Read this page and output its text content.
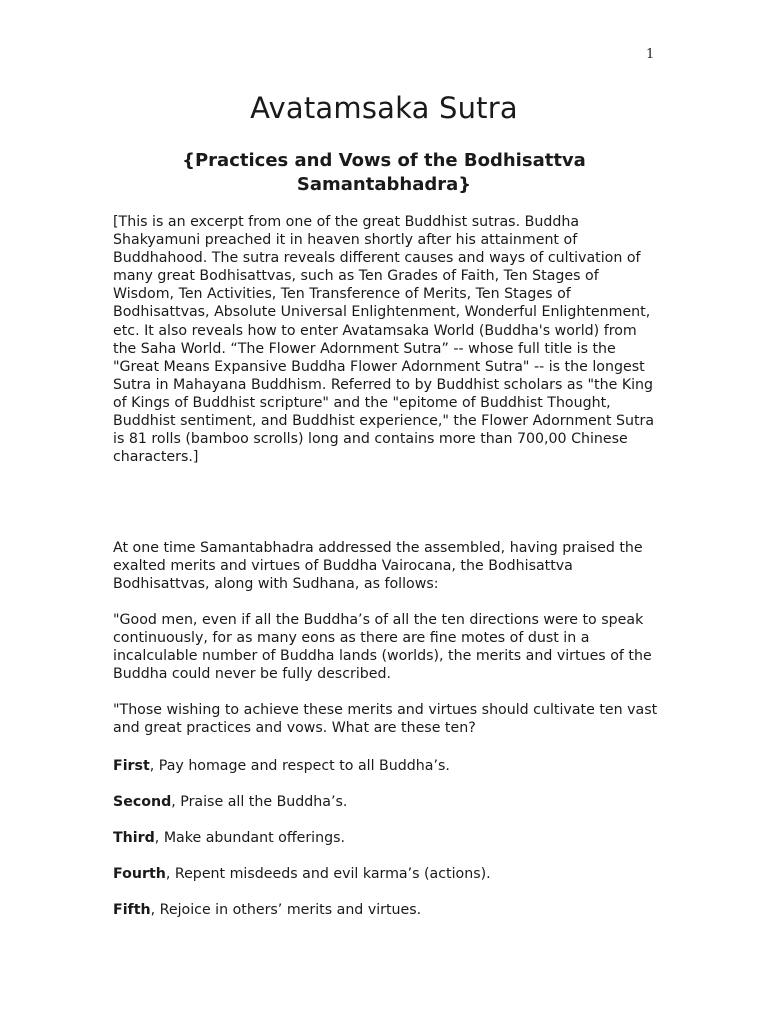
1
Avatamsaka Sutra
{Practices and Vows of the Bodhisattva Samantabhadra}

[This is an excerpt from one of the great Buddhist sutras. Buddha Shakyamuni preached it in heaven shortly after his attainment of Buddhahood. The sutra reveals different causes and ways of cultivation of many great Bodhisattvas, such as Ten Grades of Faith, Ten Stages of Wisdom, Ten Activities, Ten Transference of Merits, Ten Stages of Bodhisattvas, Absolute Universal Enlightenment, Wonderful Enlightenment, etc. It also reveals how to enter Avatamsaka World (Buddha's world) from the Saha World. “The Flower Adornment Sutra” -- whose full title is the "Great Means Expansive Buddha Flower Adornment Sutra" -- is the longest Sutra in Mahayana Buddhism. Referred to by Buddhist scholars as "the King of Kings of Buddhist scripture" and the "epitome of Buddhist Thought, Buddhist sentiment, and Buddhist experience," the Flower Adornment Sutra is 81 rolls (bamboo scrolls) long and contains more than 700,00 Chinese characters.]

At one time Samantabhadra addressed the assembled, having praised the exalted merits and virtues of Buddha Vairocana, the Bodhisattva Bodhisattvas, along with Sudhana, as follows:

"Good men, even if all the Buddha’s of all the ten directions were to speak continuously, for as many eons as there are fine motes of dust in a incalculable number of Buddha lands (worlds), the merits and virtues of the Buddha could never be fully described.

"Those wishing to achieve these merits and virtues should cultivate ten vast and great practices and vows. What are these ten?

First, Pay homage and respect to all Buddha’s.

Second, Praise all the Buddha’s.

Third, Make abundant offerings.

Fourth, Repent misdeeds and evil karma’s (actions).

Fifth, Rejoice in others’ merits and virtues.
